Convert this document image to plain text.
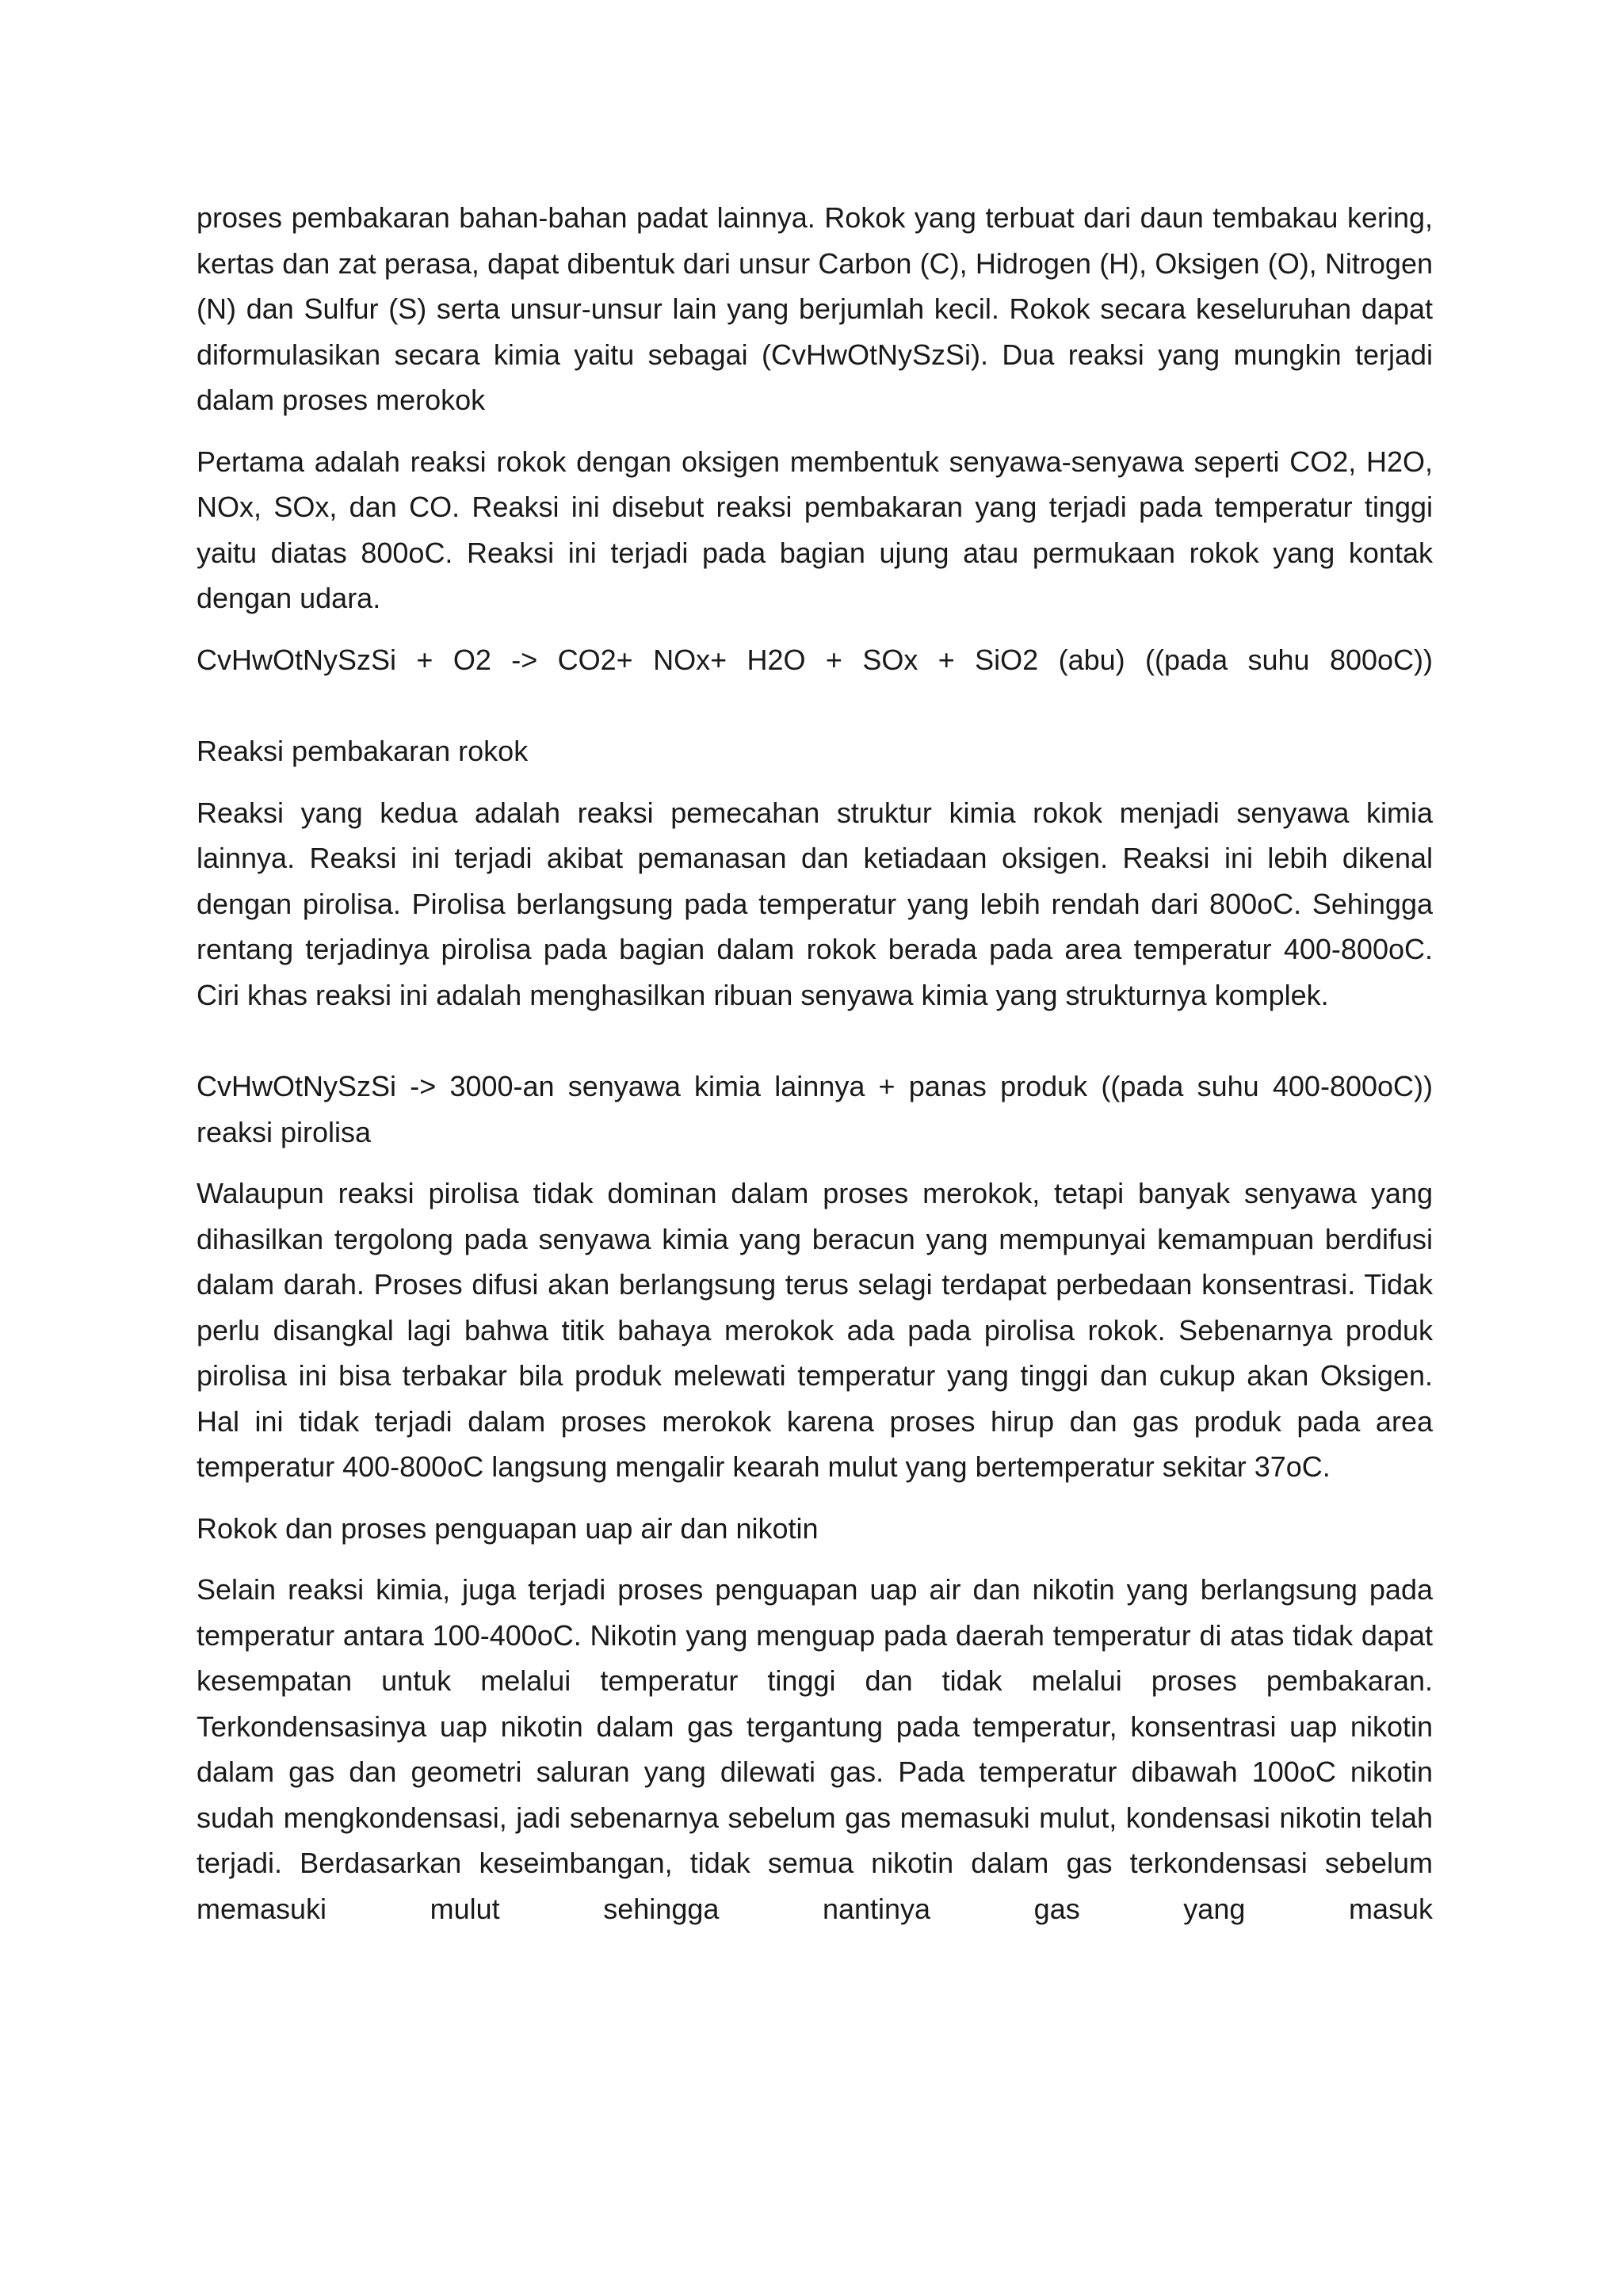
proses pembakaran bahan-bahan padat lainnya. Rokok yang terbuat dari daun tembakau kering, kertas dan zat perasa, dapat dibentuk dari unsur Carbon (C), Hidrogen (H), Oksigen (O), Nitrogen (N) dan Sulfur (S) serta unsur-unsur lain yang berjumlah kecil. Rokok secara keseluruhan dapat diformulasikan secara kimia yaitu sebagai (CvHwOtNySzSi). Dua reaksi yang mungkin terjadi dalam proses merokok

Pertama adalah reaksi rokok dengan oksigen membentuk senyawa-senyawa seperti CO2, H2O, NOx, SOx, dan CO. Reaksi ini disebut reaksi pembakaran yang terjadi pada temperatur tinggi yaitu diatas 800oC. Reaksi ini terjadi pada bagian ujung atau permukaan rokok yang kontak dengan udara.

CvHwOtNySzSi + O2 -> CO2+ NOx+ H2O + SOx + SiO2 (abu) ((pada suhu 800oC))

Reaksi pembakaran rokok

Reaksi yang kedua adalah reaksi pemecahan struktur kimia rokok menjadi senyawa kimia lainnya. Reaksi ini terjadi akibat pemanasan dan ketiadaan oksigen. Reaksi ini lebih dikenal dengan pirolisa. Pirolisa berlangsung pada temperatur yang lebih rendah dari 800oC. Sehingga rentang terjadinya pirolisa pada bagian dalam rokok berada pada area temperatur 400-800oC. Ciri khas reaksi ini adalah menghasilkan ribuan senyawa kimia yang strukturnya komplek.

CvHwOtNySzSi -> 3000-an senyawa kimia lainnya + panas produk ((pada suhu 400-800oC)) reaksi pirolisa

Walaupun reaksi pirolisa tidak dominan dalam proses merokok, tetapi banyak senyawa yang dihasilkan tergolong pada senyawa kimia yang beracun yang mempunyai kemampuan berdifusi dalam darah. Proses difusi akan berlangsung terus selagi terdapat perbedaan konsentrasi. Tidak perlu disangkal lagi bahwa titik bahaya merokok ada pada pirolisa rokok. Sebenarnya produk pirolisa ini bisa terbakar bila produk melewati temperatur yang tinggi dan cukup akan Oksigen. Hal ini tidak terjadi dalam proses merokok karena proses hirup dan gas produk pada area temperatur 400-800oC langsung mengalir kearah mulut yang bertemperatur sekitar 37oC.

Rokok dan proses penguapan uap air dan nikotin

Selain reaksi kimia, juga terjadi proses penguapan uap air dan nikotin yang berlangsung pada temperatur antara 100-400oC. Nikotin yang menguap pada daerah temperatur di atas tidak dapat kesempatan untuk melalui temperatur tinggi dan tidak melalui proses pembakaran. Terkondensasinya uap nikotin dalam gas tergantung pada temperatur, konsentrasi uap nikotin dalam gas dan geometri saluran yang dilewati gas. Pada temperatur dibawah 100oC nikotin sudah mengkondensasi, jadi sebenarnya sebelum gas memasuki mulut, kondensasi nikotin telah terjadi. Berdasarkan keseimbangan, tidak semua nikotin dalam gas terkondensasi sebelum memasuki mulut sehingga nantinya gas yang masuk
